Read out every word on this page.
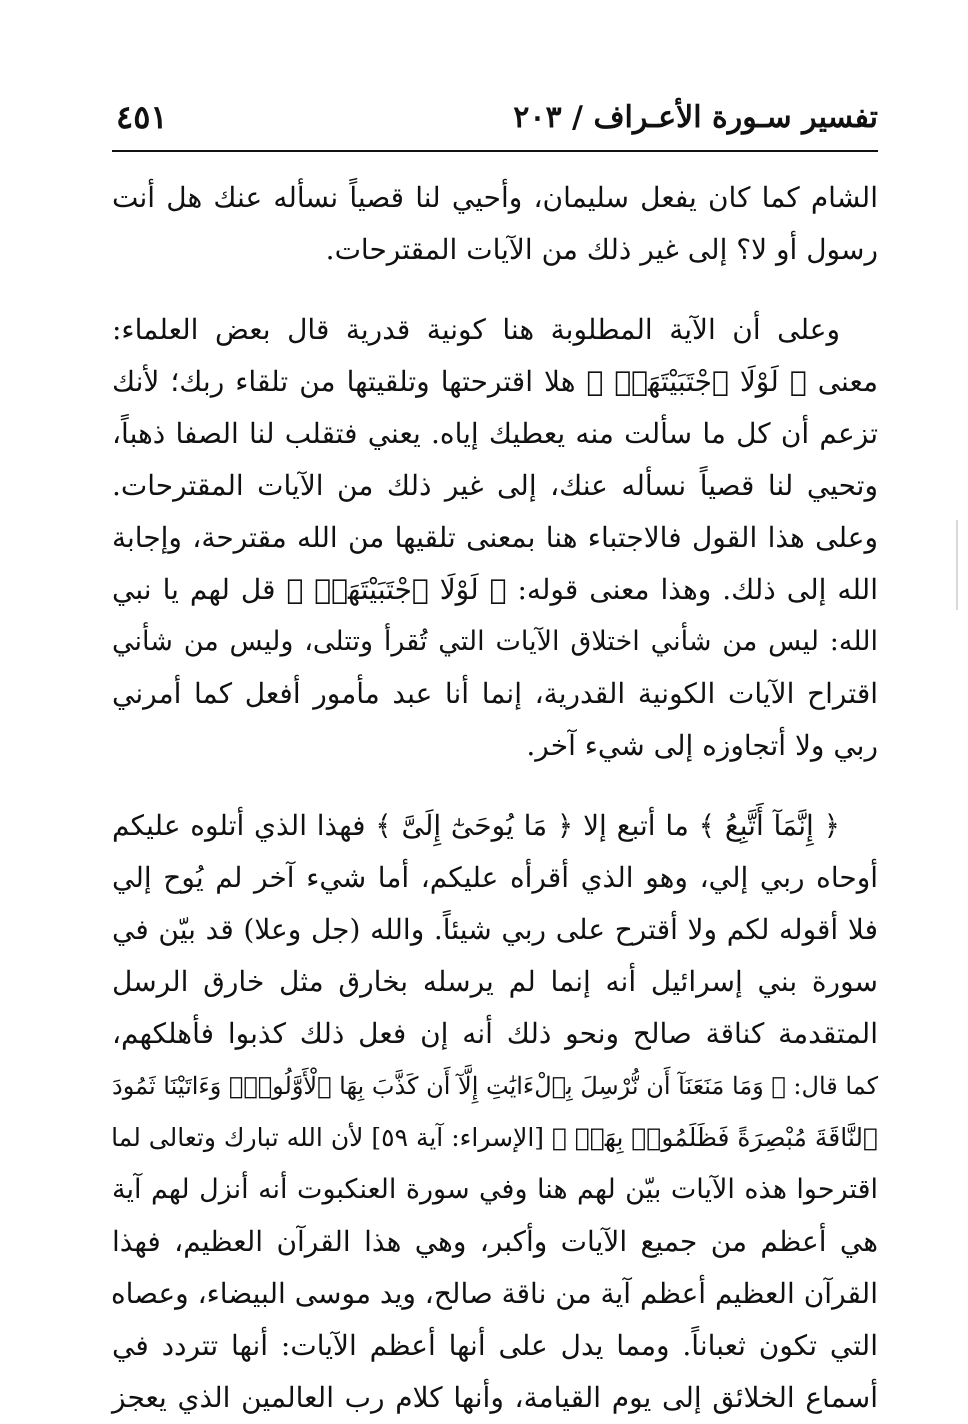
تفسير سـورة الأعـراف / ٢٠٣
٤٥١
الشام كما كان يفعل سليمان، وأحيي لنا قصياً نسأله عنك هل أنت
رسول أو لا؟ إلى غير ذلك من الآيات المقترحات.
وعلى أن الآية المطلوبة هنا كونية قدرية قال بعض العلماء:
معنى ﴿ لَوْلَا ٱجْتَبَيْتَهَاۚ ﴾ هلا اقترحتها وتلقيتها من تلقاء ربك؛ لأنك
تزعم أن كل ما سألت منه يعطيك إياه. يعني فتقلب لنا الصفا ذهباً،
وتحيي لنا قصياً نسأله عنك، إلى غير ذلك من الآيات المقترحات.
وعلى هذا القول فالاجتباء هنا بمعنى تلقيها من الله مقترحة، وإجابة
الله إلى ذلك. وهذا معنى قوله: ﴿ لَوْلَا ٱجْتَبَيْتَهَاۚ ﴾ قل لهم يا نبي
الله: ليس من شأني اختلاق الآيات التي تُقرأ وتتلى، وليس من شأني
اقتراح الآيات الكونية القدرية، إنما أنا عبد مأمور أفعل كما أمرني
ربي ولا أتجاوزه إلى شيء آخر.
﴿ إِنَّمَآ أَتَّبِعُ ﴾ ما أتبع إلا ﴿ مَا يُوحَىٰٓ إِلَىَّ ﴾ فهذا الذي أتلوه عليكم
أوحاه ربي إلي، وهو الذي أقرأه عليكم، أما شيء آخر لم يُوح إلي
فلا أقوله لكم ولا أقترح على ربي شيئاً. والله (جل وعلا) قد بيّن في
سورة بني إسرائيل أنه إنما لم يرسله بخارق مثل خارق الرسل
المتقدمة كناقة صالح ونحو ذلك أنه إن فعل ذلك كذبوا فأهلكهم،
كما قال: ﴿ وَمَا مَنَعَنَآ أَن نُّرْسِلَ بِٱلْءَايَٰتِ إِلَّآ أَن كَذَّبَ بِهَا ٱلْأَوَّلُونَۚ وَءَاتَيْنَا ثَمُودَ
ٱلنَّاقَةَ مُبْصِرَةً فَظَلَمُوا۟ بِهَاۚ ﴾ [الإسراء: آية ٥٩] لأن الله تبارك وتعالى لما
اقترحوا هذه الآيات بيّن لهم هنا وفي سورة العنكبوت أنه أنزل لهم آية
هي أعظم من جميع الآيات وأكبر، وهي هذا القرآن العظيم، فهذا
القرآن العظيم أعظم آية من ناقة صالح، ويد موسى البيضاء، وعصاه
التي تكون ثعباناً. ومما يدل على أنها أعظم الآيات: أنها تتردد في
أسماع الخلائق إلى يوم القيامة، وأنها كلام رب العالمين الذي يعجز
